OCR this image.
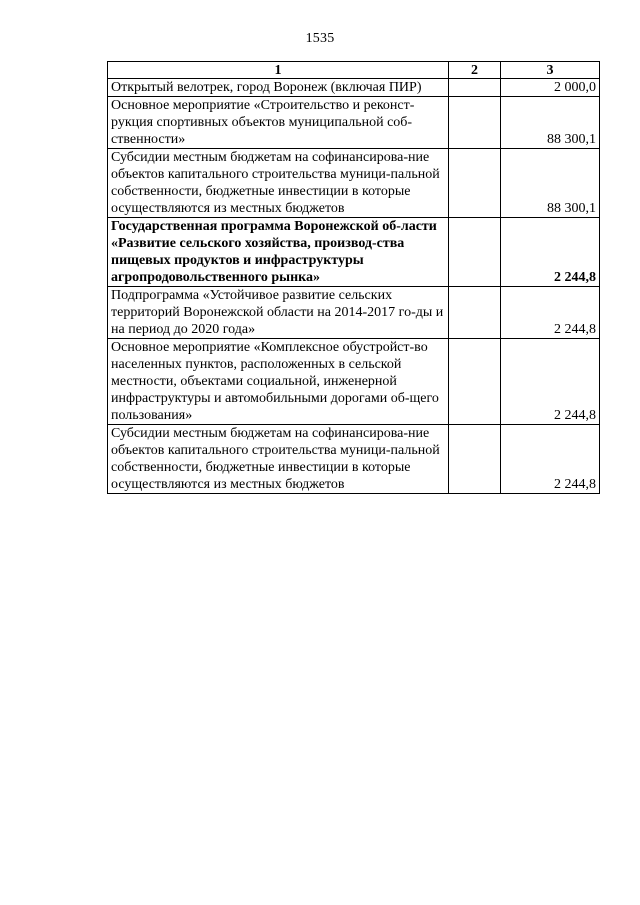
1535
1	2	3
Открытый велотрек, город Воронеж (включая ПИР)		2 000,0
Основное мероприятие «Строительство и реконст-рукция спортивных объектов муниципальной соб-ственности»		88 300,1
Субсидии местным бюджетам на софинансирова-ние объектов капитального строительства муници-пальной собственности, бюджетные инвестиции в которые осуществляются из местных бюджетов		88 300,1
Государственная программа Воронежской об-ласти «Развитие сельского хозяйства, производ-ства пищевых продуктов и инфраструктуры агропродовольственного рынка»		2 244,8
Подпрограмма «Устойчивое развитие сельских территорий Воронежской области на 2014-2017 го-ды и на период до 2020 года»		2 244,8
Основное мероприятие «Комплексное обустройст-во населенных пунктов, расположенных в сельской местности, объектами социальной, инженерной инфраструктуры и автомобильными дорогами об-щего пользования»		2 244,8
Субсидии местным бюджетам на софинансирова-ние объектов капитального строительства муници-пальной собственности, бюджетные инвестиции в которые осуществляются из местных бюджетов		2 244,8
